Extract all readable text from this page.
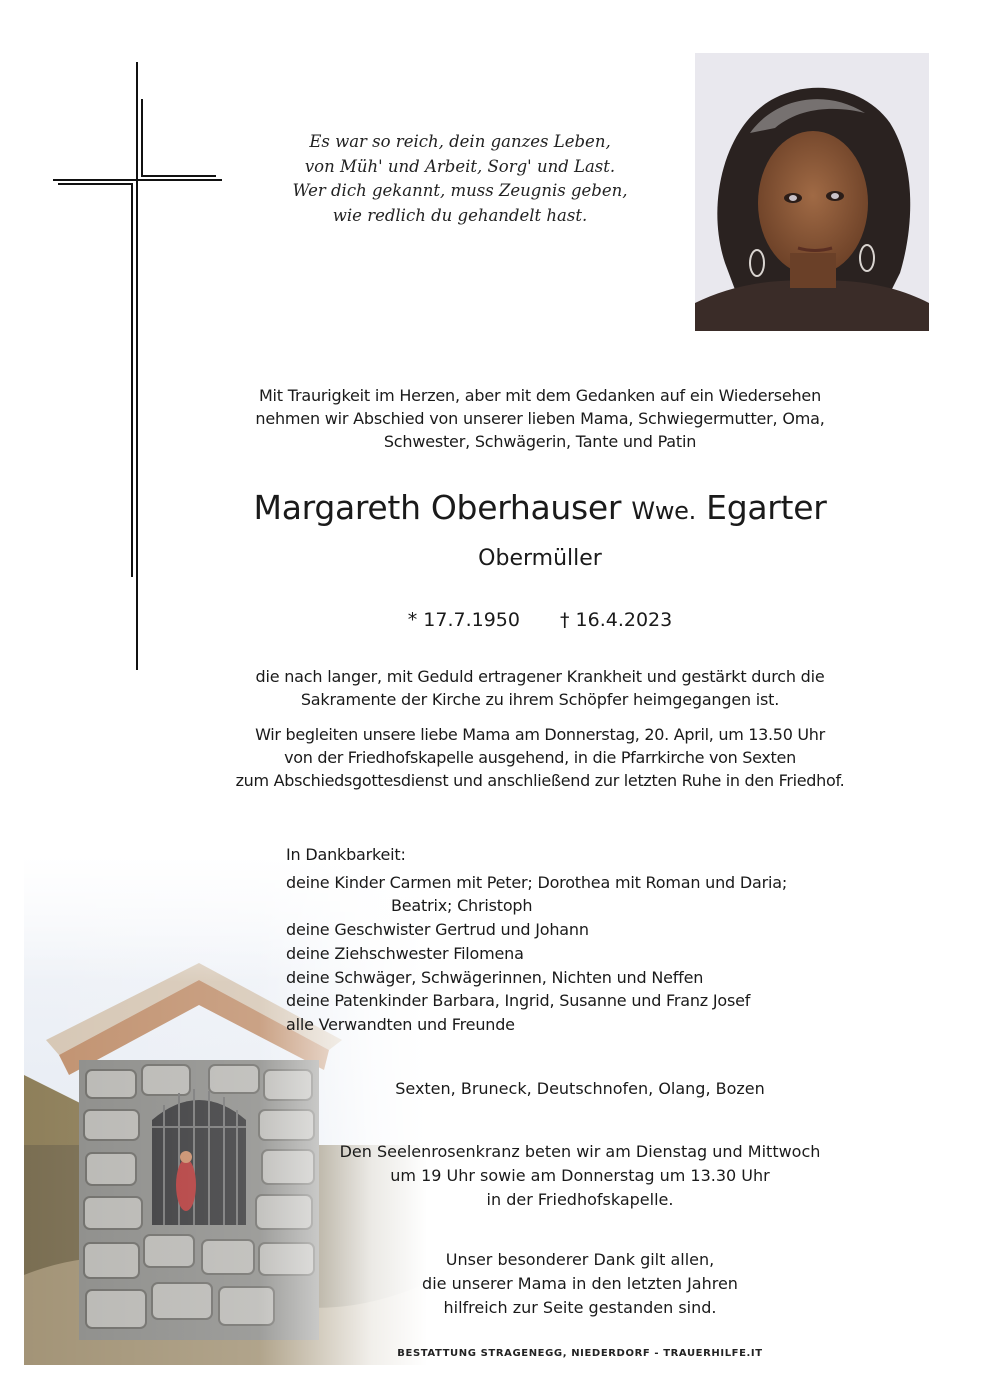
Es war so reich, dein ganzes Leben,
von Müh' und Arbeit, Sorg' und Last.
Wer dich gekannt, muss Zeugnis geben,
wie redlich du gehandelt hast.
Mit Traurigkeit im Herzen, aber mit dem Gedanken auf ein Wiedersehen
nehmen wir Abschied von unserer lieben Mama, Schwiegermutter, Oma,
Schwester, Schwägerin, Tante und Patin
Margareth Oberhauser Wwe. Egarter
Obermüller
* 17.7.1950 † 16.4.2023
die nach langer, mit Geduld ertragener Krankheit und gestärkt durch die
Sakramente der Kirche zu ihrem Schöpfer heimgegangen ist.
Wir begleiten unsere liebe Mama am Donnerstag, 20. April, um 13.50 Uhr
von der Friedhofskapelle ausgehend, in die Pfarrkirche von Sexten
zum Abschiedsgottesdienst und anschließend zur letzten Ruhe in den Friedhof.
In Dankbarkeit:
deine Kinder Carmen mit Peter; Dorothea mit Roman und Daria;
Beatrix; Christoph
deine Geschwister Gertrud und Johann
deine Ziehschwester Filomena
deine Schwäger, Schwägerinnen, Nichten und Neffen
deine Patenkinder Barbara, Ingrid, Susanne und Franz Josef
alle Verwandten und Freunde
Sexten, Bruneck, Deutschnofen, Olang, Bozen
Den Seelenrosenkranz beten wir am Dienstag und Mittwoch
um 19 Uhr sowie am Donnerstag um 13.30 Uhr
in der Friedhofskapelle.
Unser besonderer Dank gilt allen,
die unserer Mama in den letzten Jahren
hilfreich zur Seite gestanden sind.
BESTATTUNG STRAGENEGG, NIEDERDORF - TRAUERHILFE.IT
